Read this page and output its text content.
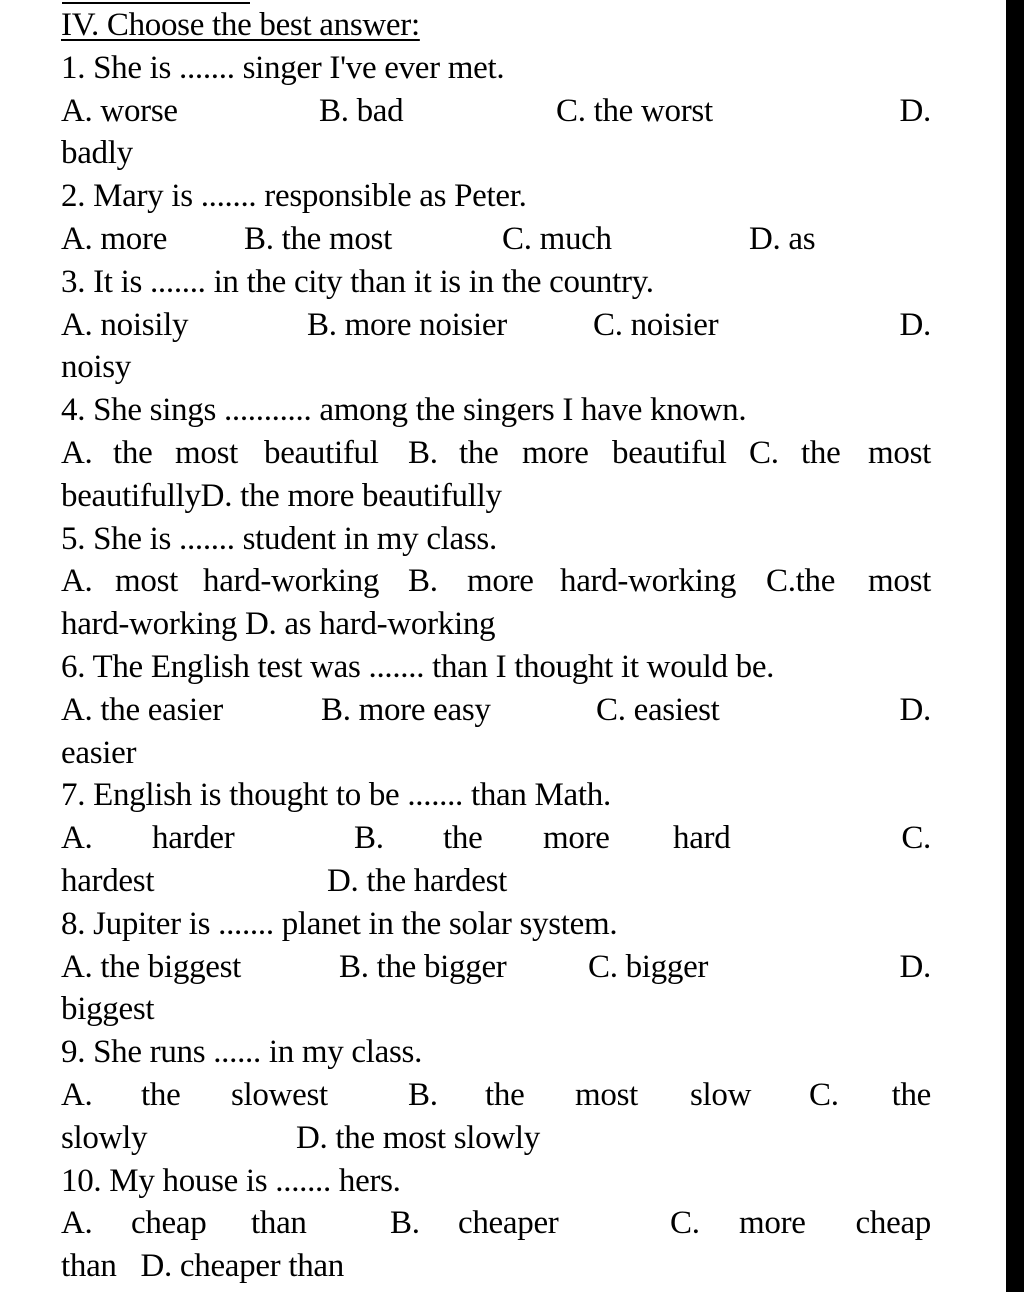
IV. Choose the best answer:
1. She is ....... singer I've ever met.
A. worse	B. bad	C. the worst	D.
badly
2. Mary is ....... responsible as Peter.
A. more B. the most	C. much	D. as
3. It is ....... in the city than it is in the country.
A. noisily	B. more noisier	C. noisier	D.
noisy
4. She sings ........... among the singers I have known.
A. the most beautiful B. the more beautiful C. the most
beautifullyD. the more beautifully
5. She is ....... student in my class.
A. most hard-working B. more hard-working C.the most
hard-working D. as hard-working
6. The English test was ....... than I thought it would be.
A. the easier	B. more easy	C. easiest	D.
easier
7. English is thought to be ....... than Math.
A. harder	B. the more hard	C.
hardest	D. the hardest
8. Jupiter is ....... planet in the solar system.
A. the biggest	B. the bigger C. bigger	D.
biggest
9. She runs ...... in my class.
A. the slowest B. the most slow C. the
slowly	D. the most slowly
10. My house is ....... hers.
A. cheap than	B. cheaper	C. more cheap
than   D. cheaper than
